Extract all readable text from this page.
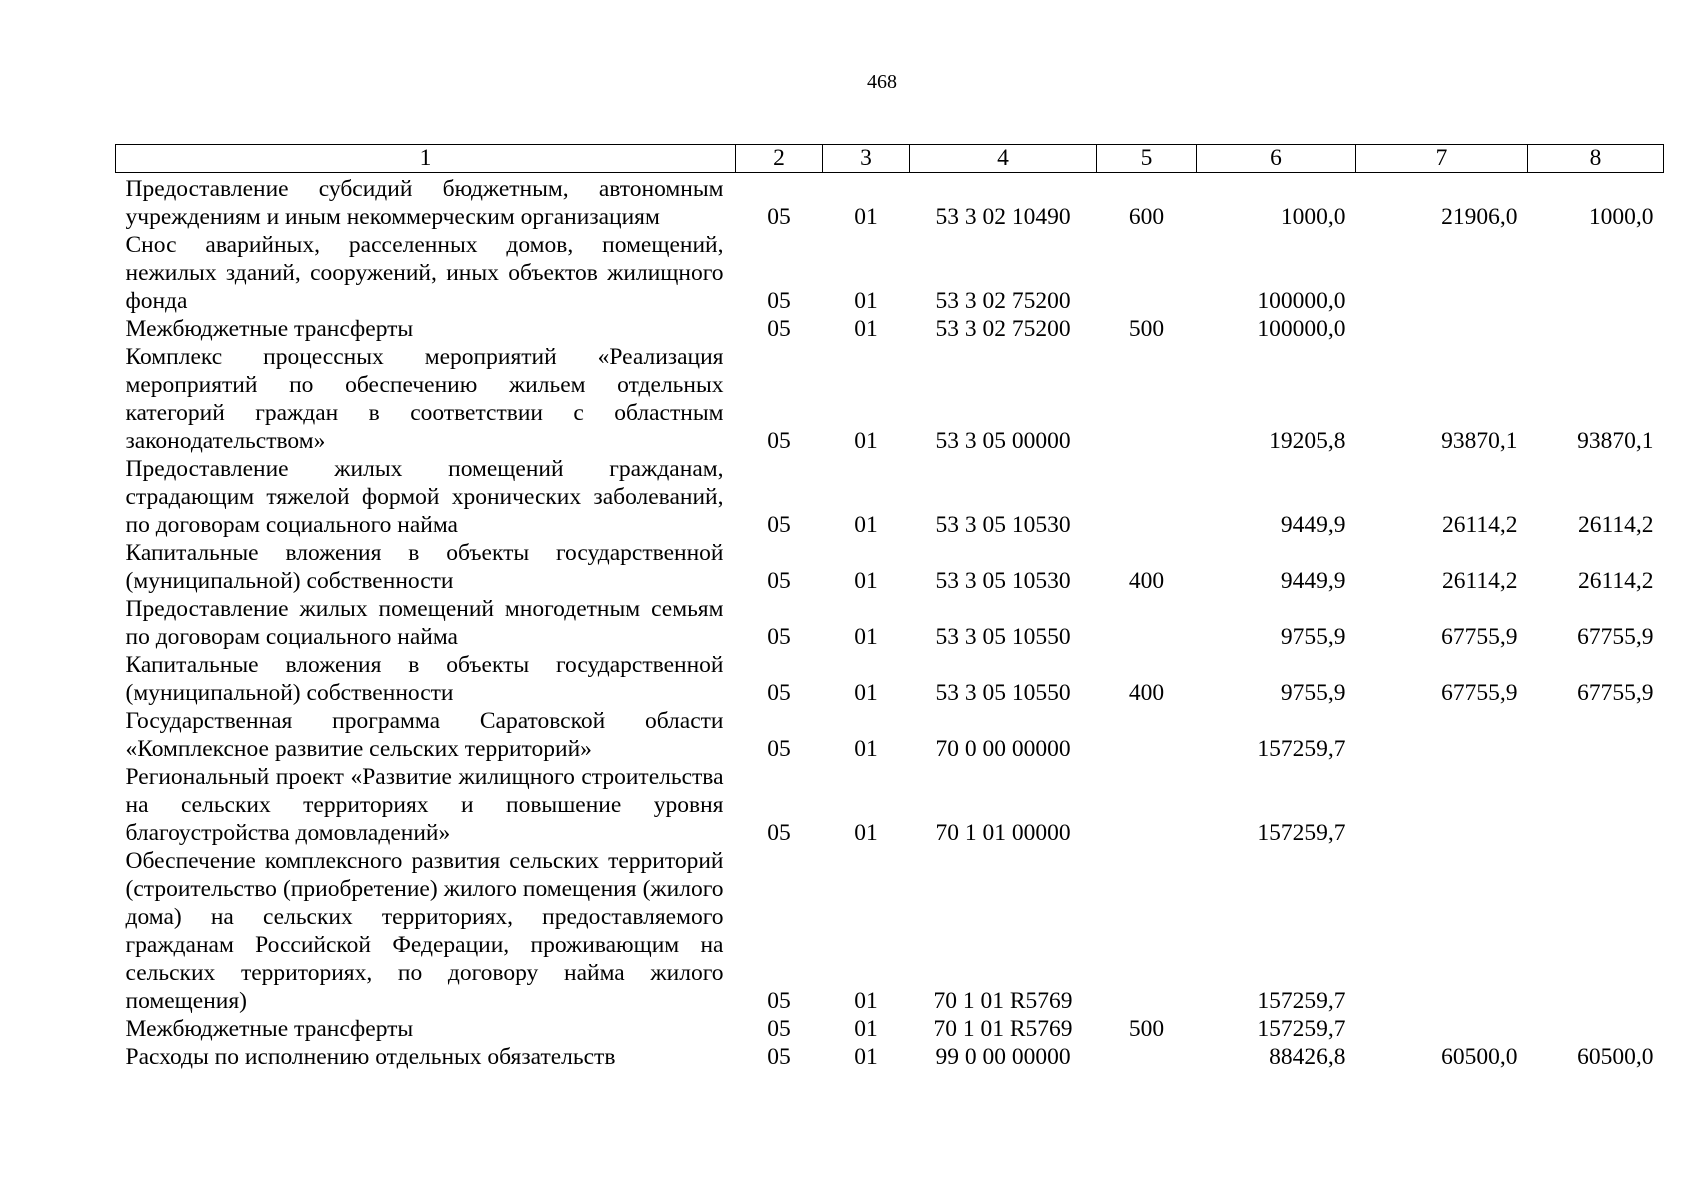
468
1	2	3	4	5	6	7	8
Предоставление субсидий бюджетным, автономным учреждениям и иным некоммерческим организациям	05	01	53 3 02 10490	600	1000,0	21906,0	1000,0
Снос аварийных, расселенных домов, помещений, нежилых зданий, сооружений, иных объектов жилищного фонда	05	01	53 3 02 75200		100000,0		
Межбюджетные трансферты	05	01	53 3 02 75200	500	100000,0		
Комплекс процессных мероприятий «Реализация мероприятий по обеспечению жильем отдельных категорий граждан в соответствии с областным законодательством»	05	01	53 3 05 00000		19205,8	93870,1	93870,1
Предоставление жилых помещений гражданам, страдающим тяжелой формой хронических заболеваний, по договорам социального найма	05	01	53 3 05 10530		9449,9	26114,2	26114,2
Капитальные вложения в объекты государственной (муниципальной) собственности	05	01	53 3 05 10530	400	9449,9	26114,2	26114,2
Предоставление жилых помещений многодетным семьям по договорам социального найма	05	01	53 3 05 10550		9755,9	67755,9	67755,9
Капитальные вложения в объекты государственной (муниципальной) собственности	05	01	53 3 05 10550	400	9755,9	67755,9	67755,9
Государственная программа Саратовской области «Комплексное развитие сельских территорий»	05	01	70 0 00 00000		157259,7		
Региональный проект «Развитие жилищного строительства на сельских территориях и повышение уровня благоустройства домовладений»	05	01	70 1 01 00000		157259,7		
Обеспечение комплексного развития сельских территорий (строительство (приобретение) жилого помещения (жилого дома) на сельских территориях, предоставляемого гражданам Российской Федерации, проживающим на сельских территориях, по договору найма жилого помещения)	05	01	70 1 01 R5769		157259,7		
Межбюджетные трансферты	05	01	70 1 01 R5769	500	157259,7		
Расходы по исполнению отдельных обязательств	05	01	99 0 00 00000		88426,8	60500,0	60500,0
